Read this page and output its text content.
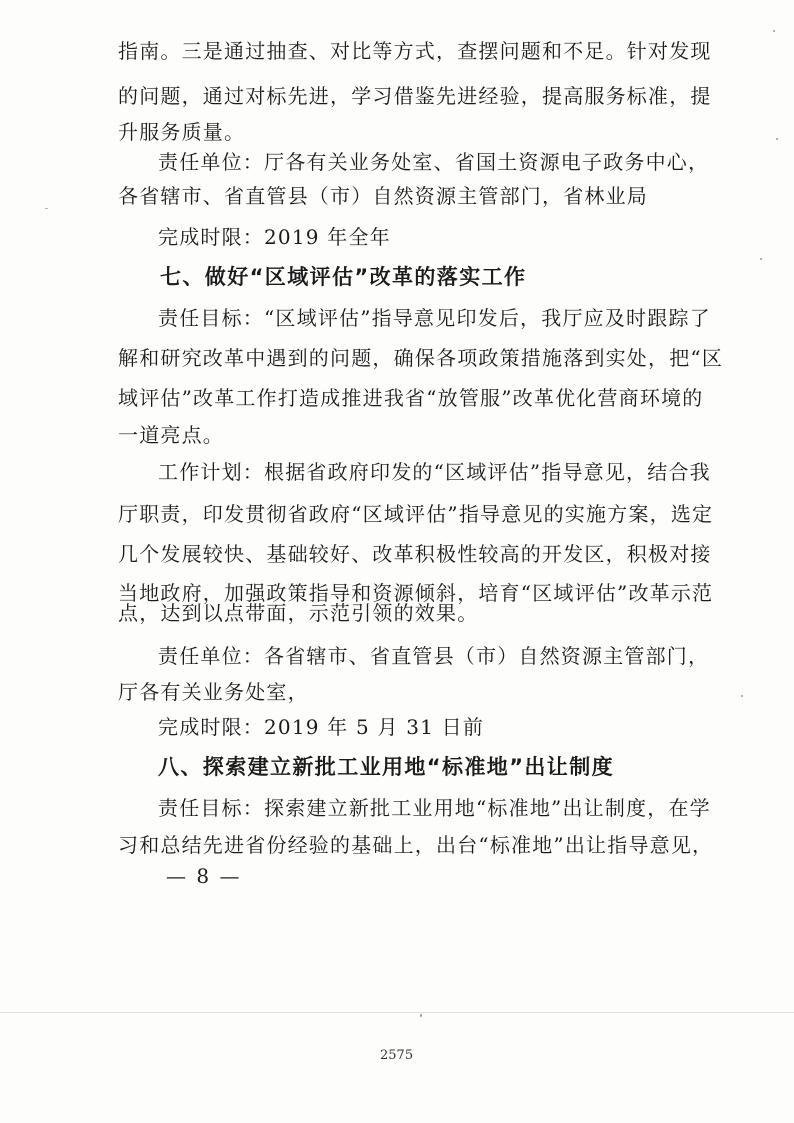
指南。三是通过抽查、对比等方式，查摆问题和不足。针对发现
的问题，通过对标先进，学习借鉴先进经验，提高服务标准，提
升服务质量。
责任单位：厅各有关业务处室、省国土资源电子政务中心，
各省辖市、省直管县（市）自然资源主管部门，省林业局
完成时限：2019 年全年
七、做好“区域评估”改革的落实工作
责任目标：“区域评估”指导意见印发后，我厅应及时跟踪了
解和研究改革中遇到的问题，确保各项政策措施落到实处，把“区
域评估”改革工作打造成推进我省“放管服”改革优化营商环境的
一道亮点。
工作计划：根据省政府印发的“区域评估”指导意见，结合我
厅职责，印发贯彻省政府“区域评估”指导意见的实施方案，选定
几个发展较快、基础较好、改革积极性较高的开发区，积极对接
当地政府，加强政策指导和资源倾斜，培育“区域评估”改革示范
点，达到以点带面，示范引领的效果。
责任单位：各省辖市、省直管县（市）自然资源主管部门，
厅各有关业务处室，
完成时限：2019 年 5 月 31 日前
八、探索建立新批工业用地“标准地”出让制度
责任目标：探索建立新批工业用地“标准地”出让制度，在学
习和总结先进省份经验的基础上，出台“标准地”出让指导意见，
— 8 —
2575
